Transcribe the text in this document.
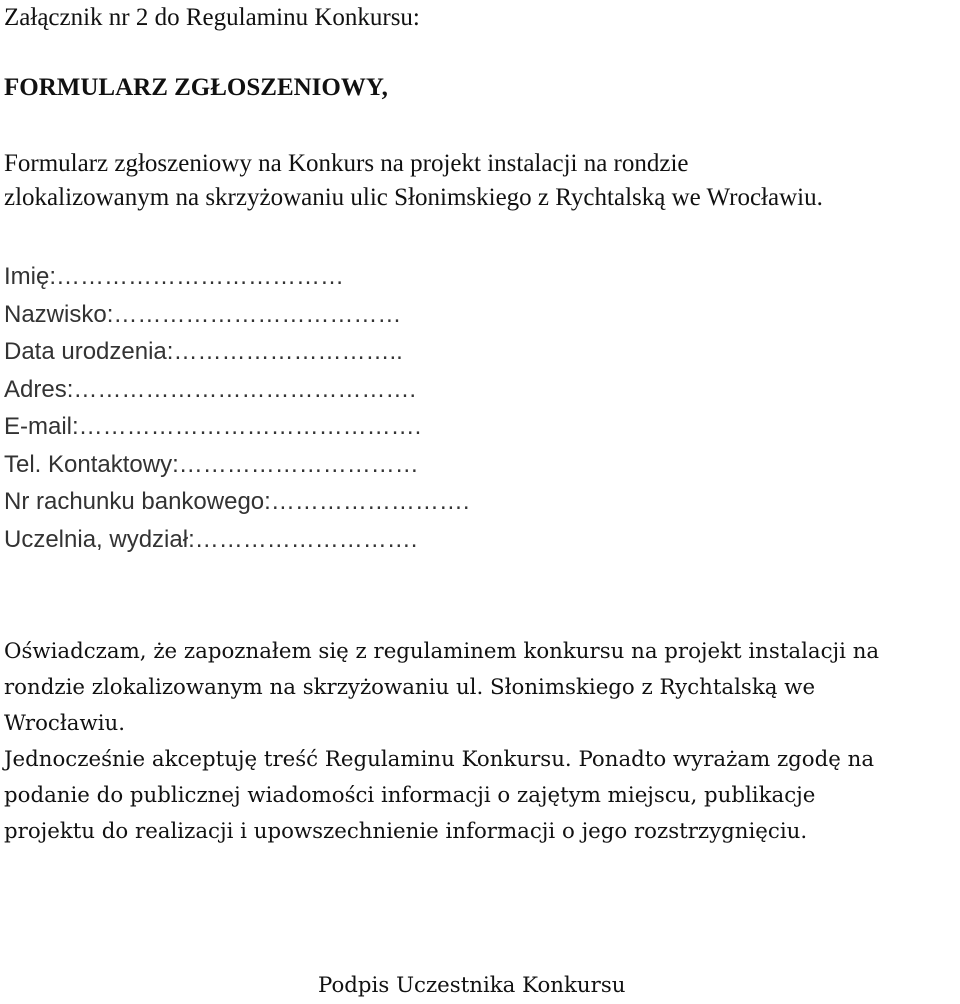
Załącznik nr 2 do Regulaminu Konkursu:
FORMULARZ ZGŁOSZENIOWY,
Formularz zgłoszeniowy na Konkurs na projekt instalacji na rondzie
zlokalizowanym na skrzyżowaniu ulic Słonimskiego z Rychtalską we Wrocławiu.
Imię:………………………………
Nazwisko:………………………………
Data urodzenia:………………………..
Adres:…………………………………….
E-mail:…………………………………….
Tel. Kontaktowy:…………………………
Nr rachunku bankowego:…………………….
Uczelnia, wydział:……………………….
Oświadczam, że zapoznałem się z regulaminem konkursu na projekt instalacji na
rondzie zlokalizowanym na skrzyżowaniu ul. Słonimskiego z Rychtalską we
Wrocławiu.
Jednocześnie akceptuję treść Regulaminu Konkursu. Ponadto wyrażam zgodę na
podanie do publicznej wiadomości informacji o zajętym miejscu, publikacje
projektu do realizacji i upowszechnienie informacji o jego rozstrzygnięciu.
Podpis Uczestnika Konkursu
